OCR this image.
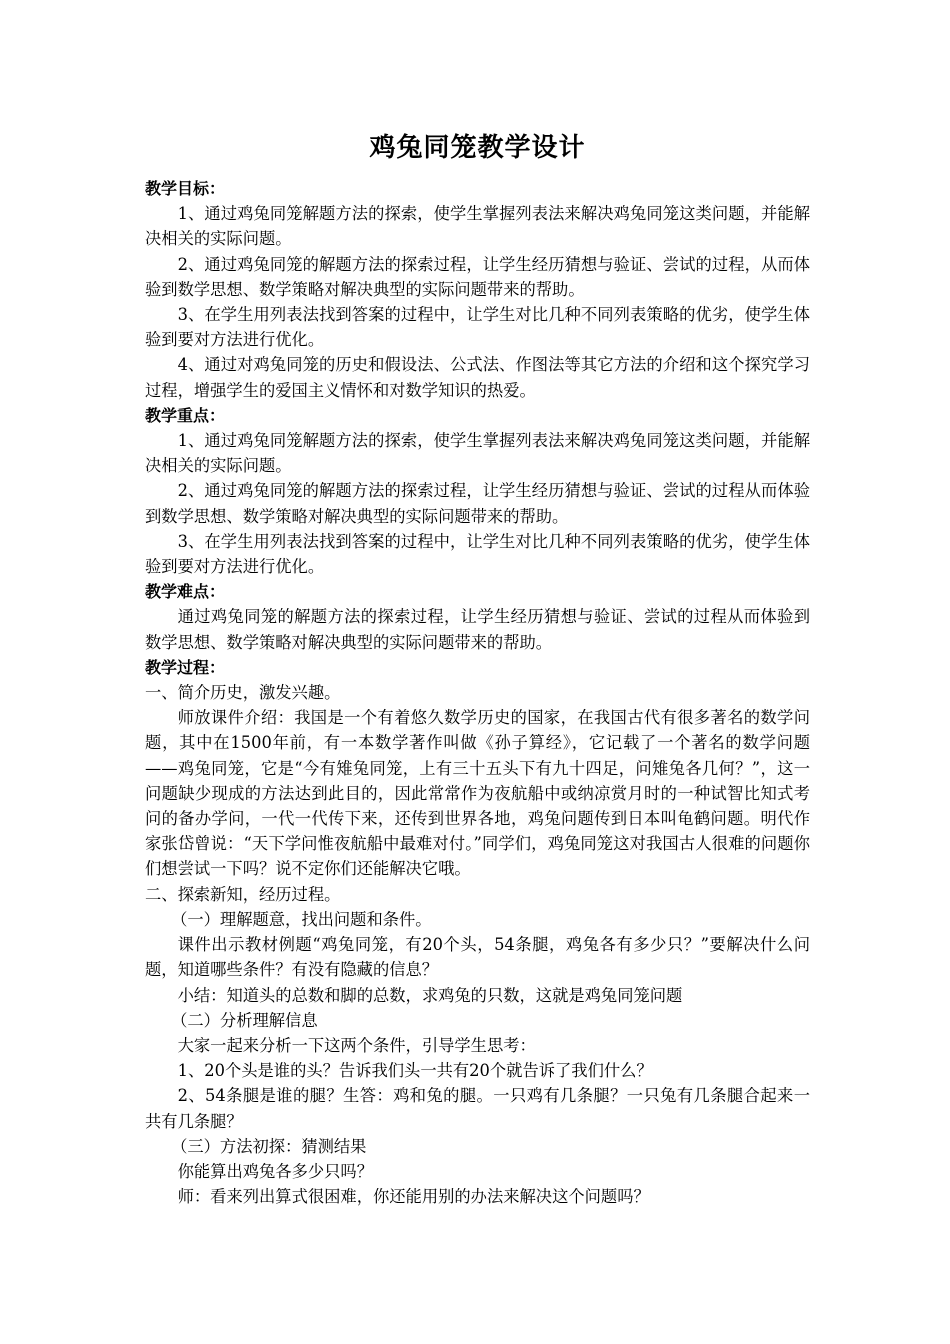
鸡兔同笼教学设计
教学目标：

1、通过鸡兔同笼解题方法的探索，使学生掌握列表法来解决鸡兔同笼这类问题，并能解决相关的实际问题。

2、通过鸡兔同笼的解题方法的探索过程，让学生经历猜想与验证、尝试的过程，从而体验到数学思想、数学策略对解决典型的实际问题带来的帮助。

3、在学生用列表法找到答案的过程中，让学生对比几种不同列表策略的优劣，使学生体验到要对方法进行优化。

4、通过对鸡兔同笼的历史和假设法、公式法、作图法等其它方法的介绍和这个探究学习过程，增强学生的爱国主义情怀和对数学知识的热爱。

教学重点：

1、通过鸡兔同笼解题方法的探索，使学生掌握列表法来解决鸡兔同笼这类问题，并能解决相关的实际问题。

2、通过鸡兔同笼的解题方法的探索过程，让学生经历猜想与验证、尝试的过程从而体验到数学思想、数学策略对解决典型的实际问题带来的帮助。

3、在学生用列表法找到答案的过程中，让学生对比几种不同列表策略的优劣，使学生体验到要对方法进行优化。

教学难点：

通过鸡兔同笼的解题方法的探索过程，让学生经历猜想与验证、尝试的过程从而体验到数学思想、数学策略对解决典型的实际问题带来的帮助。

教学过程：

一、简介历史，激发兴趣。

师放课件介绍：我国是一个有着悠久数学历史的国家，在我国古代有很多著名的数学问题，其中在1500年前，有一本数学著作叫做《孙子算经》，它记载了一个著名的数学问题——鸡兔同笼，它是“今有雉兔同笼，上有三十五头下有九十四足，问雉兔各几何？”，这一问题缺少现成的方法达到此目的，因此常常作为夜航船中或纳凉赏月时的一种试智比知式考问的备办学问，一代一代传下来，还传到世界各地，鸡兔问题传到日本叫龟鹤问题。明代作家张岱曾说：“天下学问惟夜航船中最难对付。”同学们，鸡兔同笼这对我国古人很难的问题你们想尝试一下吗？说不定你们还能解决它哦。

二、探索新知，经历过程。

（一）理解题意，找出问题和条件。

课件出示教材例题“鸡兔同笼，有20个头，54条腿，鸡兔各有多少只？”要解决什么问题，知道哪些条件？有没有隐藏的信息？

小结：知道头的总数和脚的总数，求鸡兔的只数，这就是鸡兔同笼问题

（二）分析理解信息

大家一起来分析一下这两个条件，引导学生思考：

1、20个头是谁的头？告诉我们头一共有20个就告诉了我们什么？

2、54条腿是谁的腿？生答：鸡和兔的腿。一只鸡有几条腿？一只兔有几条腿合起来一共有几条腿？

（三）方法初探：猜测结果

你能算出鸡兔各多少只吗？

师：看来列出算式很困难，你还能用别的办法来解决这个问题吗？
